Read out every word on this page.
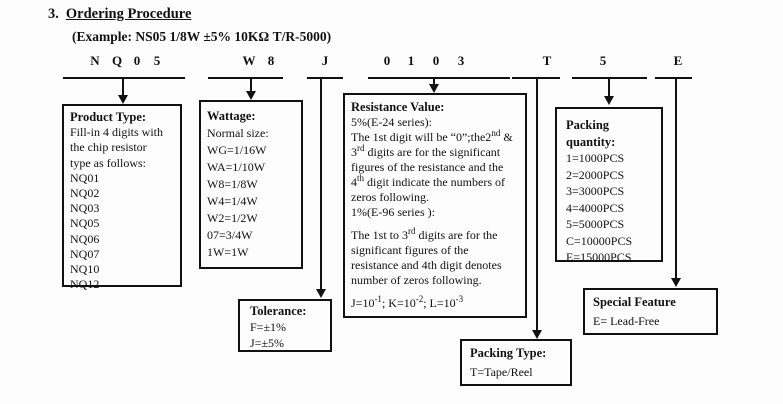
3. Ordering Procedure
(Example: NS05 1/8W ±5% 10KΩ T/R-5000)
N Q 0 5	W 8	J	0 1 0 3	T	5	E
Product Type:
Fill-in 4 digits with
the chip resistor
type as follows:
NQ01
NQ02
NQ03
NQ05
NQ06
NQ07
NQ10
NQ12
Wattage:
Normal size:
WG=1/16W
WA=1/10W
W8=1/8W
W4=1/4W
W2=1/2W
07=3/4W
1W=1W
Tolerance:
F=±1%
J=±5%
Resistance Value:
5%(E-24 series):
The 1st digit will be “0”;the2nd &
3rd digits are for the significant
figures of the resistance and the
4th digit indicate the numbers of
zeros following.
1%(E-96 series ):
The 1st to 3rd digits are for the
significant figures of the
resistance and 4th digit denotes
number of zeros following.
$J=10^{-1}$; $K=10^{-2}$; $L=10^{-3}$
Packing
quantity:
1=1000PCS
2=2000PCS
3=3000PCS
4=4000PCS
5=5000PCS
C=10000PCS
E=15000PCS
Packing Type:
T=Tape/Reel
Special Feature
E= Lead-Free
